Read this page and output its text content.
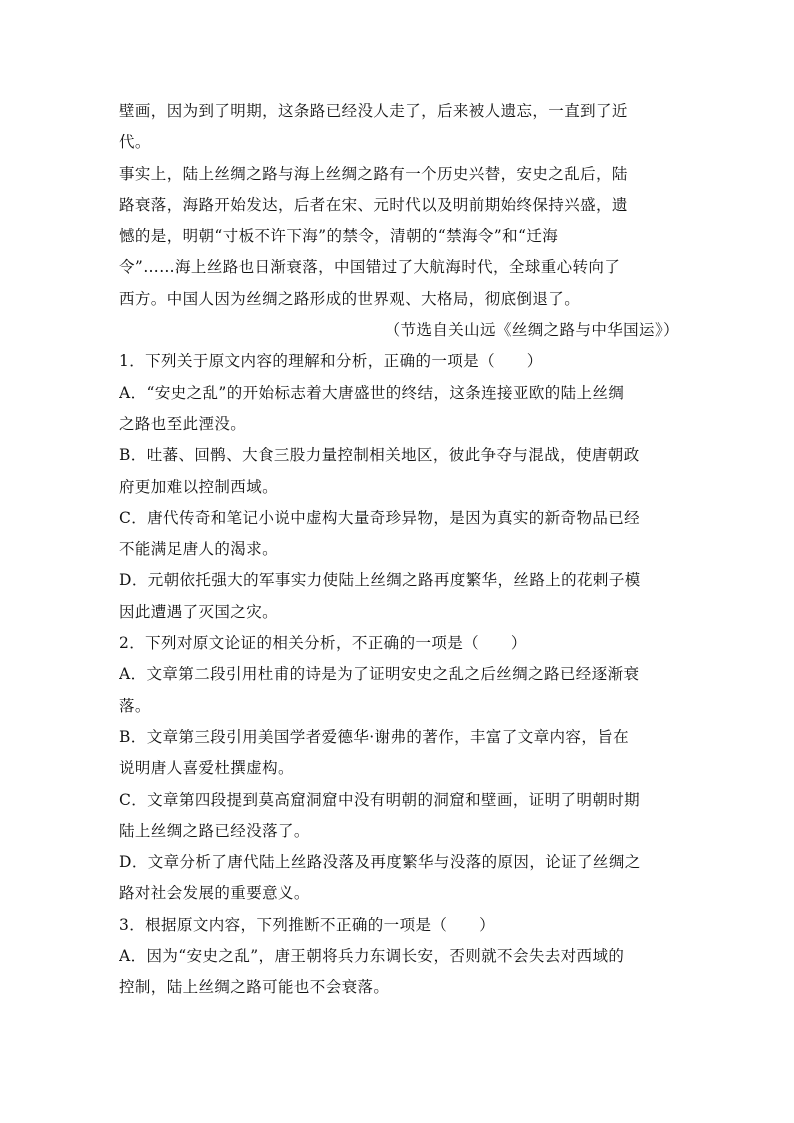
壁画，因为到了明期，这条路已经没人走了，后来被人遗忘，一直到了近
代。
事实上，陆上丝绸之路与海上丝绸之路有一个历史兴替，安史之乱后，陆
路衰落，海路开始发达，后者在宋、元时代以及明前期始终保持兴盛，遗
憾的是，明朝“寸板不许下海”的禁令，清朝的“禁海令”和“迁海
令”……海上丝路也日渐衰落，中国错过了大航海时代，全球重心转向了
西方。中国人因为丝绸之路形成的世界观、大格局，彻底倒退了。
（节选自关山远《丝绸之路与中华国运》）
1．下列关于原文内容的理解和分析，正确的一项是（　　）
A．“安史之乱”的开始标志着大唐盛世的终结，这条连接亚欧的陆上丝绸
之路也至此湮没。
B．吐蕃、回鹘、大食三股力量控制相关地区，彼此争夺与混战，使唐朝政
府更加难以控制西域。
C．唐代传奇和笔记小说中虚构大量奇珍异物，是因为真实的新奇物品已经
不能满足唐人的渴求。
D．元朝依托强大的军事实力使陆上丝绸之路再度繁华，丝路上的花剌子模
因此遭遇了灭国之灾。
2．下列对原文论证的相关分析，不正确的一项是（　　）
A．文章第二段引用杜甫的诗是为了证明安史之乱之后丝绸之路已经逐渐衰
落。
B．文章第三段引用美国学者爱德华·谢弗的著作，丰富了文章内容，旨在
说明唐人喜爱杜撰虚构。
C．文章第四段提到莫高窟洞窟中没有明朝的洞窟和壁画，证明了明朝时期
陆上丝绸之路已经没落了。
D．文章分析了唐代陆上丝路没落及再度繁华与没落的原因，论证了丝绸之
路对社会发展的重要意义。
3．根据原文内容，下列推断不正确的一项是（　　）
A．因为“安史之乱”，唐王朝将兵力东调长安，否则就不会失去对西域的
控制，陆上丝绸之路可能也不会衰落。
